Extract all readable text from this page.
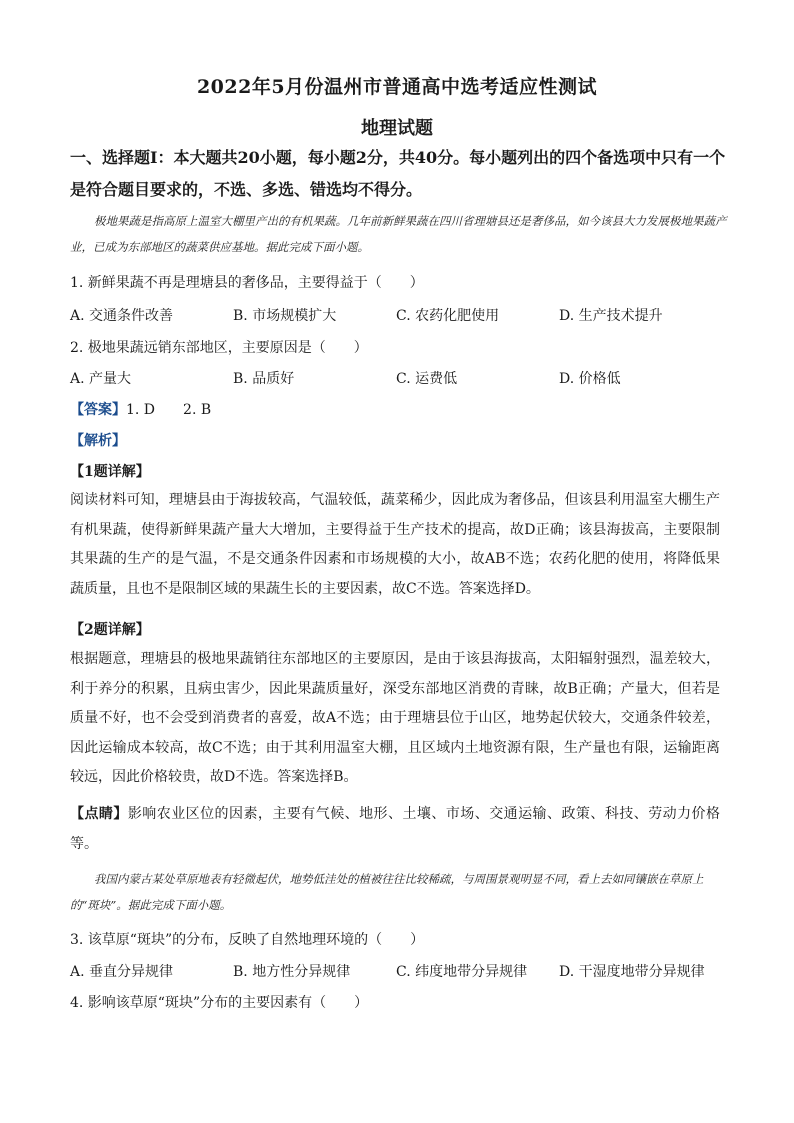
2022年5月份温州市普通高中选考适应性测试
地理试题
一、选择题Ⅰ：本大题共20小题，每小题2分，共40分。每小题列出的四个备选项中只有一个是符合题目要求的，不选、多选、错选均不得分。
极地果蔬是指高原上温室大棚里产出的有机果蔬。几年前新鲜果蔬在四川省理塘县还是奢侈品，如今该县大力发展极地果蔬产业，已成为东部地区的蔬菜供应基地。据此完成下面小题。
1. 新鲜果蔬不再是理塘县的奢侈品，主要得益于（　　）
A. 交通条件改善	B. 市场规模扩大	C. 农药化肥使用	D. 生产技术提升
2. 极地果蔬远销东部地区，主要原因是（　　）
A. 产量大	B. 品质好	C. 运费低	D. 价格低
【答案】1. D　　2. B
【解析】
【1题详解】
阅读材料可知，理塘县由于海拔较高，气温较低，蔬菜稀少，因此成为奢侈品，但该县利用温室大棚生产有机果蔬，使得新鲜果蔬产量大大增加，主要得益于生产技术的提高，故D正确；该县海拔高，主要限制其果蔬的生产的是气温，不是交通条件因素和市场规模的大小，故AB不选；农药化肥的使用，将降低果蔬质量，且也不是限制区域的果蔬生长的主要因素，故C不选。答案选择D。
【2题详解】
根据题意，理塘县的极地果蔬销往东部地区的主要原因，是由于该县海拔高，太阳辐射强烈，温差较大，利于养分的积累，且病虫害少，因此果蔬质量好，深受东部地区消费的青睐，故B正确；产量大，但若是质量不好，也不会受到消费者的喜爱，故A不选；由于理塘县位于山区，地势起伏较大，交通条件较差，因此运输成本较高，故C不选；由于其利用温室大棚，且区域内土地资源有限，生产量也有限，运输距离较远，因此价格较贵，故D不选。答案选择B。
【点睛】影响农业区位的因素，主要有气候、地形、土壤、市场、交通运输、政策、科技、劳动力价格等。
我国内蒙古某处草原地表有轻微起伏，地势低洼处的植被往往比较稀疏，与周围景观明显不同，看上去如同镶嵌在草原上的“斑块”。据此完成下面小题。
3. 该草原“斑块”的分布，反映了自然地理环境的（　　）
A. 垂直分异规律	B. 地方性分异规律	C. 纬度地带分异规律 D. 干湿度地带分异规律
4. 影响该草原“斑块”分布的主要因素有（　　）
